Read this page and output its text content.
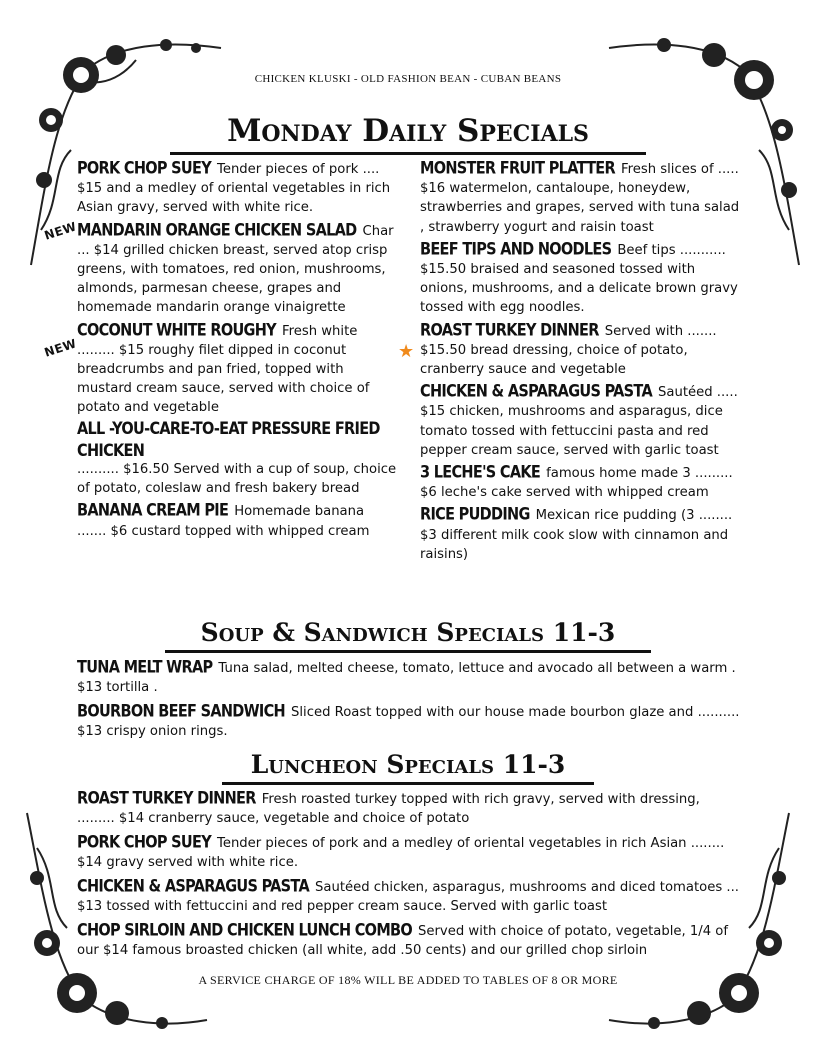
CHICKEN KLUSKI - OLD FASHION BEAN - CUBAN BEANS
Monday Daily Specials
NEW
NEW	★
PORK CHOP SUEY Tender pieces of pork .... $15 and a medley of oriental vegetables in rich Asian gravy, served with white rice.
MANDARIN ORANGE CHICKEN SALAD Char ... $14 grilled chicken breast, served atop crisp greens, with tomatoes, red onion, mushrooms, almonds, parmesan cheese, grapes and homemade mandarin orange vinaigrette
COCONUT WHITE ROUGHY Fresh white ......... $15 roughy filet dipped in coconut breadcrumbs and pan fried, topped with mustard cream sauce, served with choice of potato and vegetable
ALL -YOU-CARE-TO-EAT PRESSURE FRIED CHICKEN.......... $16.50 Served with a cup of soup, choice of potato, coleslaw and fresh bakery bread
BANANA CREAM PIE Homemade banana ....... $6 custard topped with whipped cream
MONSTER FRUIT PLATTER Fresh slices of ..... $16 watermelon, cantaloupe, honeydew, strawberries and grapes, served with tuna salad , strawberry yogurt and raisin toast
BEEF TIPS AND NOODLES Beef tips ........... $15.50 braised and seasoned tossed with onions, mushrooms, and a delicate brown gravy tossed with egg noodles.
ROAST TURKEY DINNER Served with ....... $15.50 bread dressing, choice of potato, cranberry sauce and vegetable
CHICKEN & ASPARAGUS PASTA Sautéed ..... $15 chicken, mushrooms and asparagus, dice tomato tossed with fettuccini pasta and red pepper cream sauce, served with garlic toast
3 LECHE'S CAKE famous home made 3 ......... $6 leche's cake served with whipped cream
RICE PUDDING Mexican rice pudding (3 ........ $3 different milk cook slow with cinnamon and raisins)
Soup & Sandwich Specials 11-3
TUNA MELT WRAP Tuna salad, melted cheese, tomato, lettuce and avocado all between a warm . $13 tortilla .
BOURBON BEEF SANDWICH Sliced Roast topped with our house made bourbon glaze and .......... $13 crispy onion rings.
Luncheon Specials 11-3
ROAST TURKEY DINNER Fresh roasted turkey topped with rich gravy, served with dressing, ......... $14 cranberry sauce, vegetable and choice of potato
PORK CHOP SUEY Tender pieces of pork and a medley of oriental vegetables in rich Asian ........ $14 gravy served with white rice.
CHICKEN & ASPARAGUS PASTA Sautéed chicken, asparagus, mushrooms and diced tomatoes ... $13 tossed with fettuccini and red pepper cream sauce. Served with garlic toast
CHOP SIRLOIN AND CHICKEN LUNCH COMBO Served with choice of potato, vegetable, 1/4 of our $14 famous broasted chicken (all white, add .50 cents) and our grilled chop sirloin
A SERVICE CHARGE OF 18% WILL BE ADDED TO TABLES OF 8 OR MORE
